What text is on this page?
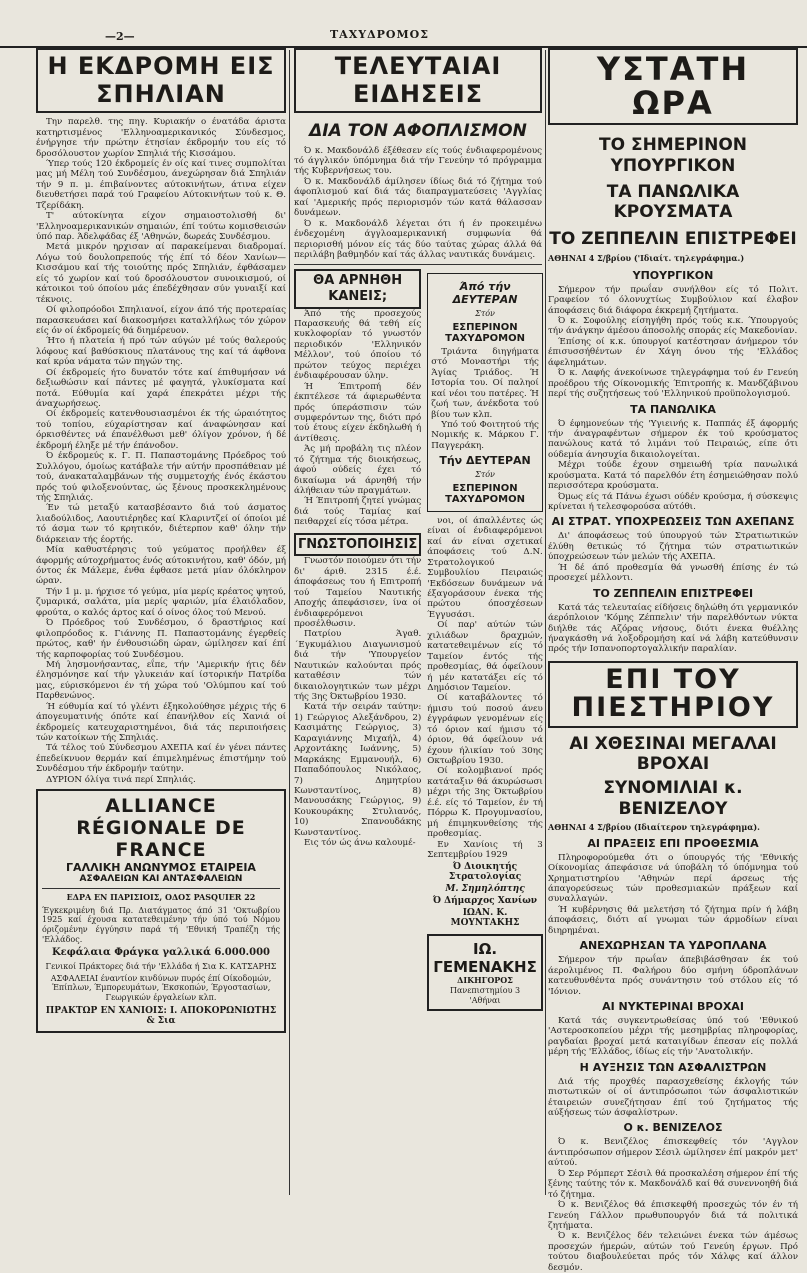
—2—	ΤΑΧΥΔΡΟΜΟΣ
Η ΕΚΔΡΟΜΗ ΕΙΣ ΣΠΗΛΙΑΝ

Την παρελθ. της πηγ. Κυριακήν ο ένατάδα άριστα κατηρτισμένος 'Ελληνοαμερικανικός Σύνδεσμος, ένήργησε τήν πρώτην έτησίαν έκδρομήν του είς τό δροσόλουστον χωρίον Σπηλιά τής Κισσάμου.

Ύπερ τούς 120 έκδρομείς έν οίς καί τινες συμπολίται μας μή Μέλη τού Συνδέσμου, άνεχώρησαν διά Σπηλιάν τήν 9 π. μ. έπιβαίνοντες αύτοκινήτων, άτινα είχεν διευθετήσει παρά τού Γραφείου Αύτοκινήτων τού κ. Θ. Τζερίδάκη.

Τ' αύτοκίνητα είχον σημαιοστολισθή δι' 'Ελληνοαμερικανικών σημαιών, έπί τούτω κομισθεισών ύπό παρ. Άδελφάδας έξ 'Αθηνών, δωρεάς Συνδέσμου.

Μετά μικρόν ηρχισαν αί παρακείμεναι διαδρομαί. Λόγω τού δουλοπρεπούς τής έπί τό δέον Χανίων—Κισσάμου καί τής τοιούτης πρός Σπηλιάν, έφθάσαμεν είς τό χωρίον καί τού δροσόλουστον συνοικισμού, οί κάτοικοι τού όποίου μάς έπεδέχθησαν σύν γυναιξί καί τέκνοις.

Οί φιλοπρόοδοι Σπηλιανοί, είχον άπό τής προτεραίας παρασκευάσει καί διακοσμήσει καταλλήλως τόν χώρον είς όν οί έκδρομείς θά διημέρευον.

Ήτο ή πλατεία ή πρό τών αύγών μέ τούς θαλερούς λόφους καί βαθύσκιους πλατάνους της καί τά άφθονα καί κρύα νάματα τών πηγών της.

Οί έκδρομείς ήτο δυνατόν τότε καί έπιθυμήσαν νά δεξιωθώσιν καί πάντες μέ φαγητά, γλυκίσματα καί ποτά. Εύθυμία καί χαρά έπεκράτει μέχρι τής άναχωρήσεως.

Οί έκδρομείς κατενθουσιασμένοι έκ τής ώραιότητος τού τοπίου, εύχαρίστησαν καί άναφώνησαν καί όρκισθέντες νά έπανέλθωσι μεθ' όλίγον χρόνον, ή δέ έκδρομή έληξε μέ τήν έπάνοδον.

Ό έκδρομεύς κ. Γ. Π. Παπαστομάνης Πρόεδρος τού Συλλόγου, όμοίως κατάβαλε τήν αύτήν προσπάθειαν μέ τού, άνακαταλαμβάνων τής συμμετοχής ένός έκάστου πρός τού φιλοξενούντας, ώς ξένους προσκεκλημένους τής Σπηλιάς.

Έν τώ μεταξύ κατασβέσαντο διά τού άσματος λιαδούλιδος, Λαουτιέρηδες καί Κλαριντζεί οί όποίοι μέ τό άσμα των τό κρητικόν, διέτερπον καθ' όλην τήν διάρκειαν τής έορτής.

Μία καθυστέρησις τού γεύματος προήλθεν έξ άφορμής αύτοχρήματος ένός αύτοκινήτου, καθ' όδόν, μή όντος έκ Μάλεμε, ένθα έφθασε μετά μίαν όλόκληρον ώραν.

Τήν 1 μ. μ. ήρχισε τό γεύμα, μία μερίς κρέατος ψητού, ζυμαρικά, σαλάτα, μία μερίς ψαριών, μία έλαιόλαδον, φρούτα, ο καλός άρτος καί ό οίνος όλος τού Μενού.

Ό Πρόεδρος τού Συνδέσμου, ό δραστήριος καί φιλοπρόοδος κ. Γιάννης Π. Παπαστομάνης έγερθείς πρώτος, καθ' ήν ένθουσιώδη ώραν, ώμίλησεν καί έπί τής καρποφορίας τού Συνδέσμου.

Μή λησμονήσαντας, εΐπε, τήν 'Αμερικήν ήτις δέν έλησμόνησε καί τήν γλυκειάν καί ίστορικήν Πατρίδα μας, εύρισκόμενοι έν τή χώρα τού 'Ολύμπου καί τού Παρθενώνος.

Ή εύθυμία καί τό γλέντι έξηκολούθησε μέχρις τής 6 άπογευματινής όπότε καί έπανήλθον είς Χανιά οί έκδρομείς κατευχαριστημένοι, διά τάς περιποιήσεις τών κατοίκων τής Σπηλιάς.

Τά τέλος τού Σύνδεσμου ΑΧΕΠΑ καί έν γένει πάντες έπεδείκνυον θερμάν καί έπιμελημένως έπιστήμην τού Συνδέσμου τήν έκδρομήν ταύτην.

ΔΥΡΙΟΝ όλίγα τινά περί Σπηλιάς.

ALLIANCE RÉGIONALE DE FRANCE
ΓΑΛΛΙΚΗ ΑΝΩΝΥΜΟΣ ΕΤΑΙΡΕΙΑ
ΑΣΦΑΛΕΙΩΝ ΚΑΙ ΑΝΤΑΣΦΑΛΕΙΩΝ
ΕΔΡΑ ΕΝ ΠΑΡΙΣΙΟΙΣ, ΟΔΟΣ PASQUIER 22
Έγκεκριμένη διά Πρ. Διατάγματος άπό 31 'Οκτωβρίου 1925 καί έχουσα κατατεθειμένην τήν ύπό τού Νόμου όριζομένην έγγύησιν παρά τή 'Εθνική Τραπέζη τής 'Ελλάδος.
Κεφάλαια Φράγκα γαλλικά 6.000.000
Γενικοί Πράκτορες διά τήν 'Ελλάδα ή Σια Κ. ΚΑΤΣΑΡΗΣ
ΑΣΦΑΛΕΙΑΙ έναντίον κινδύνων πυρός έπί Οίκοδομών, Έπίπλων, Έμπορευμάτων, Έκσκοπών, Έργοστασίων, Γεωργικών έργαλείων κλπ.
ΠΡΑΚΤΩΡ ΕΝ ΧΑΝΙΟΙΣ: Ι. ΑΠΟΚΟΡΩΝΙΩΤΗΣ & Σια
ΤΕΛΕΥΤΑΙΑΙ ΕΙΔΗΣΕΙΣ
ΔΙΑ ΤΟΝ ΑΦΟΠΛΙΣΜΟΝ

Ό κ. Μακδονάλδ έξέθεσεν είς τούς ένδιαφερομένους τό άγγλικόν ύπόμνημα διά τήν Γενεύην τό πρόγραμμα τής Κυβερνήσεως του.

Ό κ. Μακδονάλδ άμίλησεν ίδίως διά τό ζήτημα τού άφοπλισμού καί διά τάς διαπραγματεύσεις 'Αγγλίας καί 'Αμερικής πρός περιορισμόν τών κατά θάλασσαν δυνάμεων.

Ό κ. Μακδονάλδ λέγεται ότι ή έν προκειμένω ένδεχομένη άγγλοαμερικανική συμφωνία θά περιορισθή μόνον είς τάς δύο ταύτας χώρας άλλά θά περιλάβη βαθμηδόν καί τάς άλλας ναυτικάς δυνάμεις.

ΘΑ ΑΡΝΗΘΗ ΚΑΝΕΙΣ;

Άπό τής προσεχούς Παρασκευής θά τεθή είς κυκλοφορίαν τό γνωστόν περιοδικόν 'Ελληνικόν Μέλλον', τού όποίου τό πρώτον τεύχος περιέχει ένδιαφέρουσαν ύλην.

Ή Έπιτροπή δέν έκπτέλεσε τά άφιερωθέντα πρός ύπεράσπισιν τών συμφερόντων της, διότι πρό τού έτους είχεν έκδηλωθή ή άντίθεσις.

Άς μή προβάλη τις πλέον τό ζήτημα τής διοικήσεως, άφού ούδείς έχει τό δικαίωμα νά άρνηθή τήν άλήθειαν τών πραγμάτων.

Ή Έπιτροπή ζητεί γνώμας διά τούς Ταμίας καί πειθαρχεί είς τόσα μέτρα.

ΓΝΩΣΤΟΠΟΙΗΣΙΣ

Γνωστόν ποιούμεν ότι τήν δι' άριθ. 2315 έ.έ. άποφάσεως του ή Επιτροπή τού Ταμείου Ναυτικής Αποχής άπεφάσισεν, ίνα οί ένδιαφερόμενοι προσέλθωσιν.

Πατρίου Άγαθ. ΄Εγκυμάλιου Διαγωνισμού διά τήν 'Υπουργείον Ναυτικών καλούνται πρός καταθέσιν τών δικαιολογητικών των μέχρι τής 3ης Όκτωβρίου 1930.

Κατά τήν σειράν ταύτην: 1) Γεώργιος Αλεξάνδρου, 2) Κασιμάτης Γεώργιος, 3) Καραγιάννης Μιχαήλ, 4) Αρχοντάκης Ιωάννης, 5) Μαρκάκης Εμμανουήλ, 6) Παπαδόπουλος Νικόλαος, 7) Δημητρίου Κωνσταντίνος, 8) Μανουσάκης Γεώργιος, 9) Κουκουράκης Στυλιανός, 10) Σπανουδάκης Κωνσταντίνος.

Εις τόν ώς άνω καλουμέ-

Άπό τήν ΔΕΥΤΕΡΑΝ
Στόν
ΕΣΠΕΡΙΝΟΝ ΤΑΧΥΔΡΟΜΟΝ

Τριάντα διηγήματα στό Μοναστήρι τής Άγίας Τριάδος. Ή Ιστορία του. Οί παληοί καί νέοι του πατέρες. Ή ζωή των, άνέκδοτα τού βίου των κλπ.

Υπό τού Φοιτητού τής Νομικής κ. Μάρκου Γ. Παγγεράκη.

Τήν ΔΕΥΤΕΡΑΝ
Στόν
ΕΣΠΕΡΙΝΟΝ ΤΑΧΥΔΡΟΜΟΝ

νοι, οί άπαλλέντες ώς είναι οί ένδιαφερόμενοι καί άν είναι σχετικαί άποφάσεις τού Δ.Ν. Στρατολογικού Συμβουλίου Πειραιώς 'Εκδόσεων δυνάμεων νά έξαγοράσουν ένεκα τής πρώτου όποσχέσεων Έγγυσάσι.

Οί παρ' αύτών τών χιλιάδων δραχμών, κατατεθειμένων είς τό Ταμείον έντός τής προθεσμίας, θά όφείλουν ή μέν κατατάξει είς τό Δημόσιον Ταμείον.

Οί καταβάλοντες τό ήμισυ τού ποσού άνευ έγγράφων γενομένων είς τό όριον καί ήμισυ τό όριον, θά όφείλουν νά έχουν ήλικίαν τού 30ης Οκτωβρίου 1930.

Οί κολομβιανοί πρός κατάταξιν θά άκυρώσωσι μέχρι τής 3ης Όκτωβρίου έ.έ. είς τό Ταμείον, έν τή Πόρρω Κ. Προγυμνασίου, μή έπιμηκυνθείσης τής προθεσμίας.

Εν Χανίοις τή 3 Σεπτεμβρίου 1929

Ό Διοικητής Στρατολογίας
Μ. Σημηλόπτης
Ό Δήμαρχος Χανίων
ΙΩΑΝ. Κ. ΜΟΥΝΤΑΚΗΣ
ΙΩ. ΓΕΜΕΝΑΚΗΣ
ΔΙΚΗΓΟΡΟΣ
Πανεπιστημίου 3
'Αθήναι
ΥΣΤΑΤΗ ΩΡΑ
ΤΟ ΣΗΜΕΡΙΝΟΝ ΥΠΟΥΡΓΙΚΟΝ
ΤΑ ΠΑΝΩΛΙΚΑ ΚΡΟΥΣΜΑΤΑ
ΤΟ ΖΕΠΠΕΛΙΝ ΕΠΙΣΤΡΕΦΕΙ
ΑΘΗΝΑΙ 4 Σ/βρίου ('Ιδιαίτ. τηλεγράφημα.)
ΥΠΟΥΡΓΙΚΟΝ

Σήμερον τήν πρωΐαν συνήλθον είς τό Πολιτ. Γραφείον τό όλονυχτίως Συμβούλιον καί έλαβον άποφάσεις διά διάφορα έκκρεμή ζητήματα.

Ό κ. Σοφούλης είσηγήθη πρός τούς κ.κ. Ύπουργούς τήν άνάγκην άμέσου άποσολής σποράς είς Μακεδονίαν.

Έπίσης οί κ.κ. ύπουργοί κατέστησαν άνήμερον τόν έπισυσσήθέντων έν Χάγη όνου τής 'Ελλάδος άφελημάτων.

Ό κ. Λαφής άνεκοίνωσε τηλεγράφημα τού έν Γενεύη προέδρου τής Οίκονομικής Έπιτροπής κ. Μανδζάβινου περί τής συζητήσεως τού 'Ελληνικού προϋπολογισμού.

ΤΑ ΠΑΝΩΛΙΚΑ

Ό έφημονεύων τής 'Υγιεινής κ. Παππάς έξ άφορμής τήν άναγραφέντων σήμερον έκ τού κρούσματος πανώλους κατά τό λιμάνι τού Πειραιώς, είπε ότι ούδεμία άνησυχία δικαιολογείται.

Μέχρι τούδε έχουν σημειωθή τρία πανωλικά κρούσματα. Κατά τό παρελθόν έτη έσημειώθησαν πολύ περισσότερα κρούσματα.

Όμως είς τά Πάνω έχωσι ούδέν κρούσμα, ή σύσκεψις κρίνεται ή τελεσφορούσα αύτόθι.

ΑΙ ΣΤΡΑΤ. ΥΠΟΧΡΕΩΣΕΙΣ ΤΩΝ ΑΧΕΠΑΝΣ

Δι' άποφάσεως τού ύπουργού τών Στρατιωτικών έλύθη θετικώς τό ζήτημα τών στρατιωτικών ύποχρεώσεων τών μελών τής ΑΧΕΠΑ.

Ή δέ άπό προθεσμία θά γνωσθή έπίσης έν τώ προσεχεί μέλλοντι.

ΤΟ ΖΕΠΠΕΛΙΝ ΕΠΙΣΤΡΕΦΕΙ

Κατά τάς τελευταίας είδήσεις δηλώθη ότι γερμανικόν άερόπλοιον 'Κόμης Ζέππελιν' τήν παρελθόντων νύκτα διήλθε τάς Αζόρας νήσους, διότι ένεκα θυέλλης ήναγκάσθη νά λοξοδρομήση καί νά λάβη κατεύθυνσιν πρός τήν Ισπανοπορτογαλλικήν παραλίαν.

ΕΠΙ ΤΟΥ ΠΙΕΣΤΗΡΙΟΥ
ΑΙ ΧΘΕΣΙΝΑΙ ΜΕΓΑΛΑΙ ΒΡΟΧΑΙ
ΣΥΝΟΜΙΛΙΑΙ κ. ΒΕΝΙΖΕΛΟΥ
ΑΘΗΝΑΙ 4 Σ/βρίου (Ιδιαίτερον τηλεγράφημα).
ΑΙ ΠΡΑΞΕΙΣ ΕΠΙ ΠΡΟΘΕΣΜΙΑ

Πληροφορούμεθα ότι ο ύπουργός τής 'Εθνικής Οίκονομίας άπεφάσισε νά ύποβάλη τό ύπόμνημα τού Χρηματιστηρίου 'Αθηνών περί άρσεως τής άπαγορεύσεως τών προθεσμιακών πράξεων καί συναλλαγών.

Ή κυβέρνησις θά μελετήση τό ζήτημα πρίν ή λάβη άποφάσεις, διότι αί γνωμαι τών άρμοδίων είναι διηρημέναι.

ΑΝΕΧΩΡΗΣΑΝ ΤΑ ΥΔΡΟΠΛΑΝΑ

Σήμερον τήν πρωΐαν άπεβιβάσθησαν έκ τού άερολιμένος Π. Φαλήρου δύο σμήνη ύδροπλάνων κατευθυνθέντα πρός συνάντησιν τού στόλου είς τό 'Ιόνιον.

ΑΙ ΝΥΚΤΕΡΙΝΑΙ ΒΡΟΧΑΙ

Κατά τάς συγκεντρωθείσας ύπό τού 'Εθνικού 'Αστεροσκοπείου μέχρι τής μεσημβρίας πληροφορίας, ραγδαίαι βροχαί μετά καταιγίδων έπεσαν είς πολλά μέρη τής 'Ελλάδος, ίδίως είς τήν 'Ανατολικήν.

Η ΑΥΞΗΣΙΣ ΤΩΝ ΑΣΦΑΛΙΣΤΡΩΝ

Διά τής προχθές παρασχεθείσης έκλογής τών πιστωτικών οί οί άντιπρόσωποι τών άσφαλιστικών έταιρειών συνεζήτησαν έπί τού ζητήματος τής αύξήσεως τών άσφαλίστρων.

Ο κ. ΒΕΝΙΖΕΛΟΣ

Ό κ. Βενιζέλος έπισκεφθείς τόν 'Αγγλον άντιπρόσωπον σήμερον Σέσιλ ώμίλησεν έπί μακρόν μετ' αύτού.

Ό Σερ Ρόμπερτ Σέσιλ θά προσκαλέση σήμερον έπί τής ξένης ταύτης τόν κ. Μακδονάλδ καί θά συνεννοηθή διά τό ζήτημα.

Ό κ. Βενιζέλος θά έπισκεφθή προσεχώς τόν έν τή Γενεύη Γάλλον πρωθυπουργόν διά τά πολιτικά ζητήματα.

Ό κ. Βενιζέλος δέν τελειώνει ένεκα τών άμέσως προσεχών ήμερών, αύτών τού Γενεύη έργων. Πρό τούτου διαβουλεύεται πρός τόν Χάλφς καί άλλον δεσμόν.
